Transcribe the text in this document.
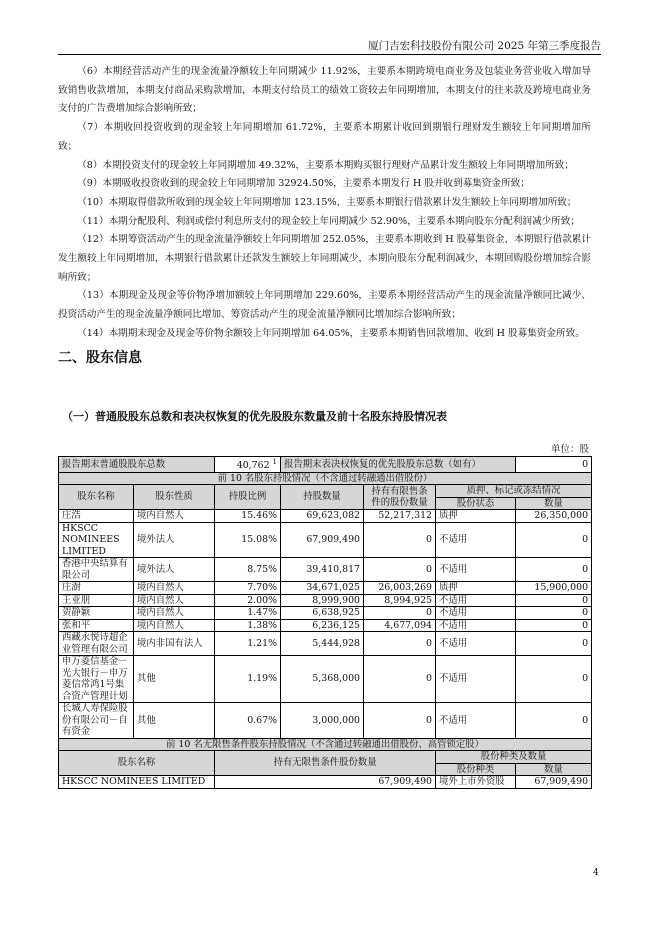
厦门吉宏科技股份有限公司 2025 年第三季度报告

（6）本期经营活动产生的现金流量净额较上年同期减少 11.92%，主要系本期跨境电商业务及包装业务营业收入增加导致销售收款增加，本期支付商品采购款增加，本期支付给员工的绩效工资较去年同期增加，本期支付的往来款及跨境电商业务支付的广告费增加综合影响所致；

（7）本期收回投资收到的现金较上年同期增加 61.72%，主要系本期累计收回到期银行理财发生额较上年同期增加所致；

（8）本期投资支付的现金较上年同期增加 49.32%，主要系本期购买银行理财产品累计发生额较上年同期增加所致；

（9）本期吸收投资收到的现金较上年同期增加 32924.50%，主要系本期发行 H 股并收到募集资金所致；

（10）本期取得借款所收到的现金较上年同期增加 123.15%，主要系本期银行借款累计发生额较上年同期增加所致；

（11）本期分配股利、利润或偿付利息所支付的现金较上年同期减少 52.90%，主要系本期向股东分配利润减少所致；

（12）本期筹资活动产生的现金流量净额较上年同期增加 252.05%，主要系本期收到 H 股募集资金，本期银行借款累计发生额较上年同期增加，本期银行借款累计还款发生额较上年同期减少，本期向股东分配利润减少，本期回购股份增加综合影响所致；

（13）本期现金及现金等价物净增加额较上年同期增加 229.60%，主要系本期经营活动产生的现金流量净额同比减少、投资活动产生的现金流量净额同比增加、筹资活动产生的现金流量净额同比增加综合影响所致；

（14）本期期末现金及现金等价物余额较上年同期增加 64.05%，主要系本期销售回款增加、收到 H 股募集资金所致。

二、股东信息
（一）普通股股东总数和表决权恢复的优先股股东数量及前十名股东持股情况表
单位：股
报告期末普通股股东总数		40,762 $^1$	报告期末表决权恢复的优先股股东总数（如有）			0
前 10 名股东持股情况（不含通过转融通出借股份）						
股东名称	股东性质	持股比例	持股数量	持有有限售条件的股份数量	质押、标记或冻结情况	
					股份状态	数量
庄浩	境内自然人	15.46%	69,623,082	52,217,312	质押	26,350,000
HKSCC NOMINEES LIMITED	境外法人	15.08%	67,909,490	0	不适用	0
香港中央结算有限公司	境外法人	8.75%	39,410,817	0	不适用	0
庄澍	境内自然人	7.70%	34,671,025	26,003,269	质押	15,900,000
王亚朋	境内自然人	2.00%	8,999,900	8,994,925	不适用	0
贺静颖	境内自然人	1.47%	6,638,925	0	不适用	0
张和平	境内自然人	1.38%	6,236,125	4,677,094	不适用	0
西藏永悦诗超企业管理有限公司	境内非国有法人	1.21%	5,444,928	0	不适用	0
申万菱信基金－光大银行－申万菱信常鸿1号集合资产管理计划	其他	1.19%	5,368,000	0	不适用	0
长城人寿保险股份有限公司－自有资金	其他	0.67%	3,000,000	0	不适用	0
前 10 名无限售条件股东持股情况（不含通过转融通出借股份、高管锁定股）						
股东名称		持有无限售条件股份数量			股份种类及数量	
					股份种类	数量
HKSCC NOMINEES LIMITED		67,909,490			境外上市外资股	67,909,490
4
